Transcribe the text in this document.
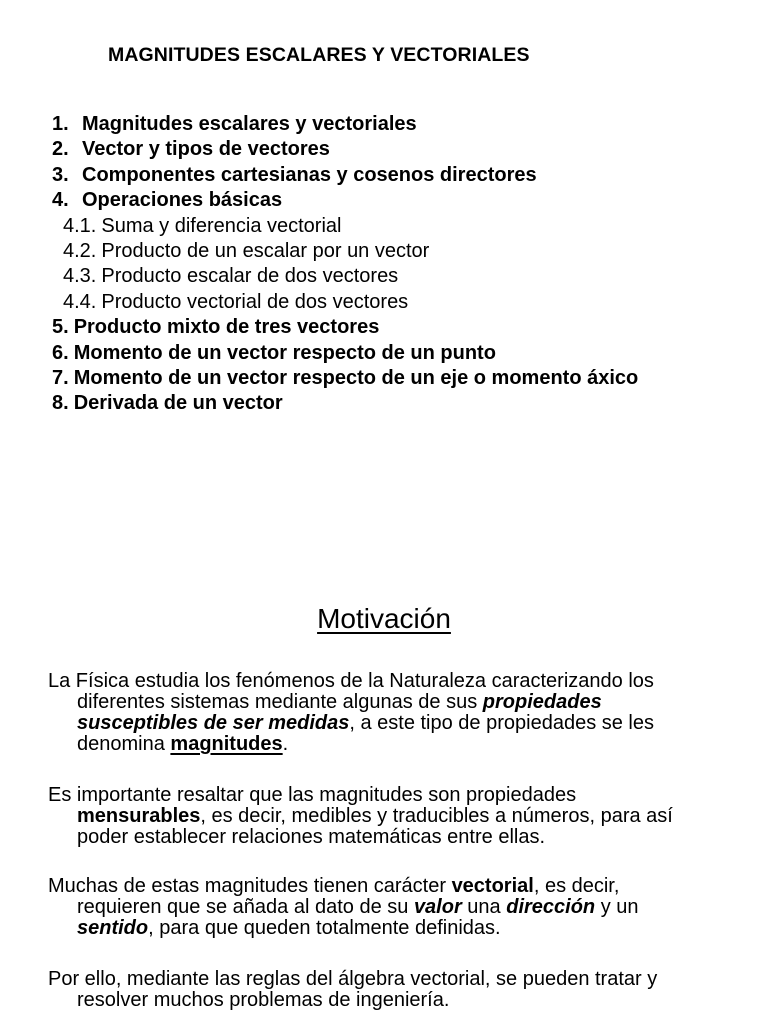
MAGNITUDES ESCALARES Y VECTORIALES
1. Magnitudes escalares y vectoriales
2. Vector y tipos de vectores
3. Componentes cartesianas y cosenos directores
4. Operaciones básicas
4.1. Suma y diferencia vectorial
4.2. Producto de un escalar por un vector
4.3. Producto escalar de dos vectores
4.4. Producto vectorial de dos vectores
5. Producto mixto de tres vectores
6. Momento de un vector respecto de un punto
7. Momento de un vector respecto de un eje o momento áxico
8. Derivada de un vector
Motivación
La Física estudia los fenómenos de la Naturaleza caracterizando los
diferentes sistemas mediante algunas de sus propiedades
susceptibles de ser medidas, a este tipo de propiedades se les
denomina magnitudes.
Es importante resaltar que las magnitudes son propiedades
mensurables, es decir, medibles y traducibles a números, para así
poder establecer relaciones matemáticas entre ellas.
Muchas de estas magnitudes tienen carácter vectorial, es decir,
requieren que se añada al dato de su valor una dirección y un
sentido, para que queden totalmente definidas.
Por ello, mediante las reglas del álgebra vectorial, se pueden tratar y
resolver muchos problemas de ingeniería.
